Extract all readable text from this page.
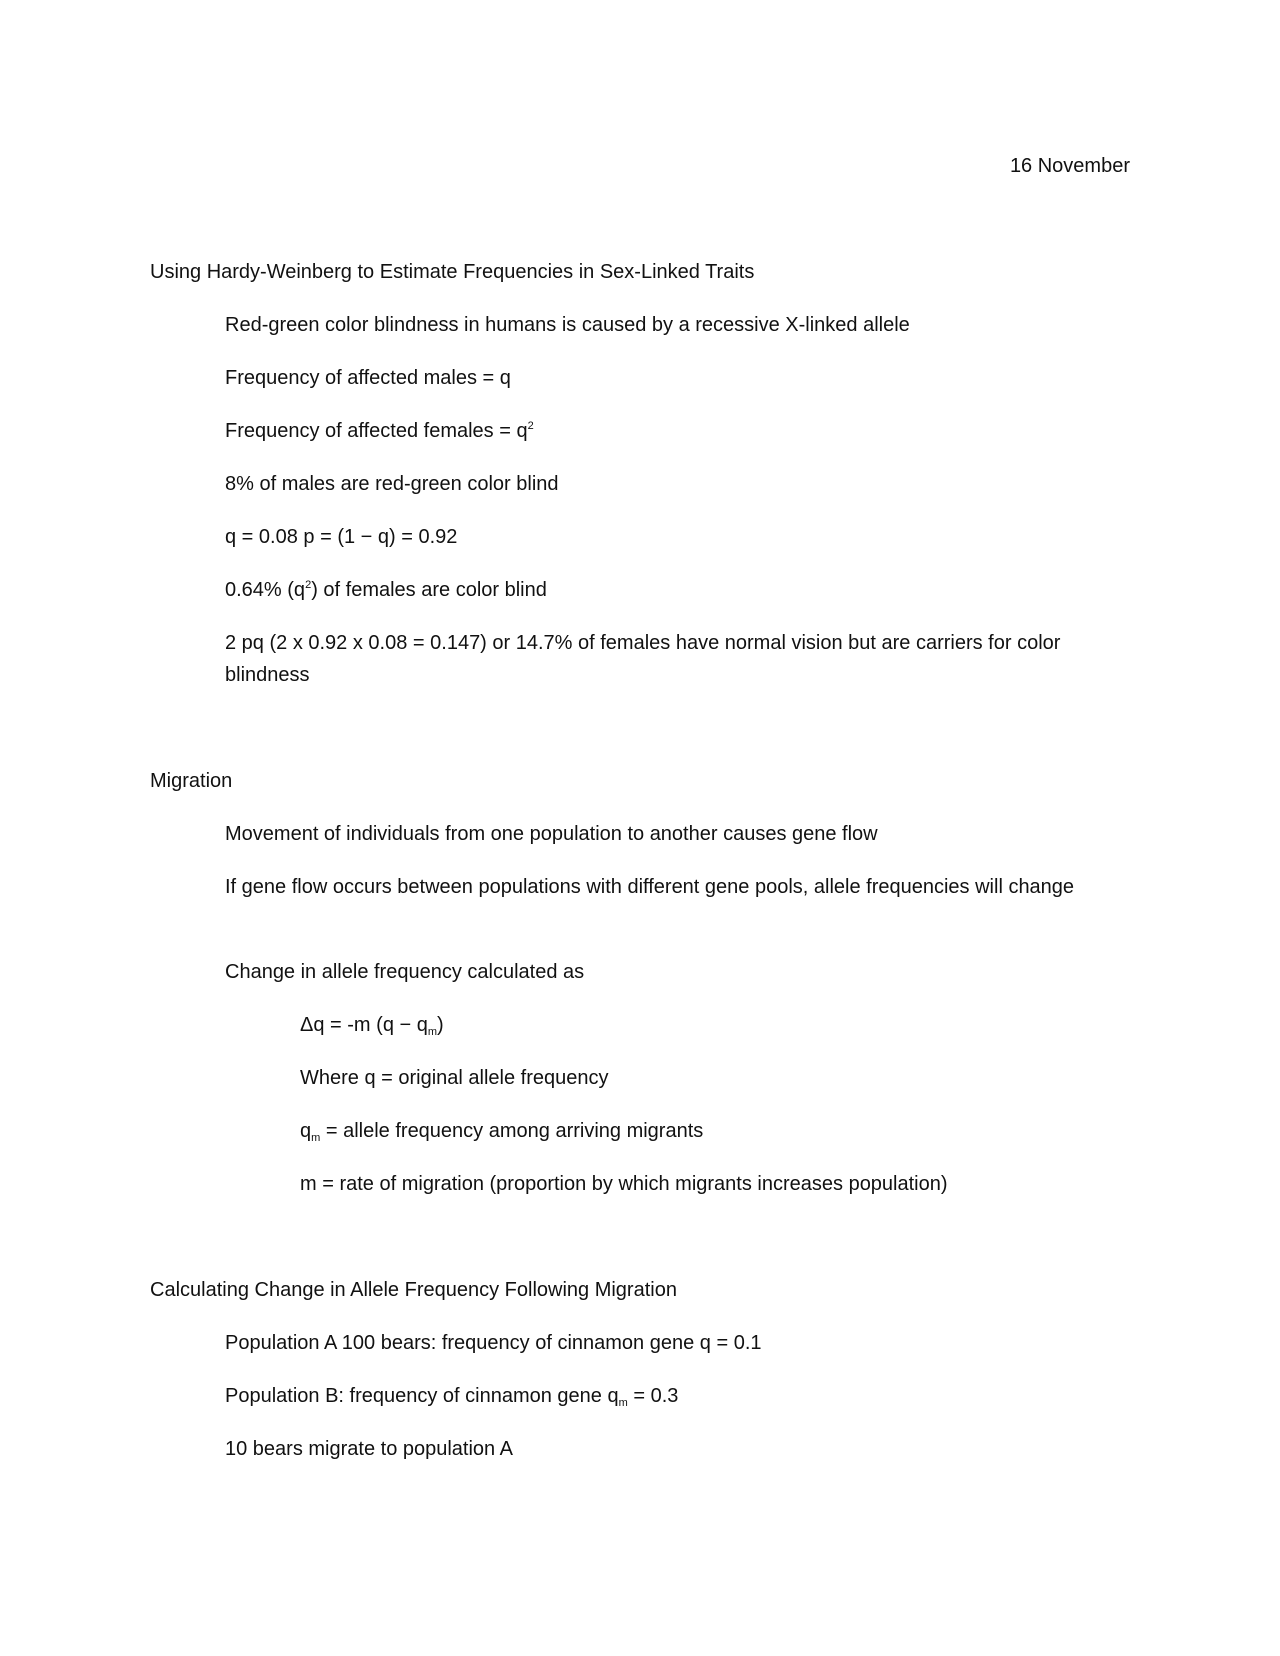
16 November

Using Hardy-Weinberg to Estimate Frequencies in Sex-Linked Traits

Red-green color blindness in humans is caused by a recessive X-linked allele

Frequency of affected males = q

Frequency of affected females = $q^2$

8% of males are red-green color blind

q = 0.08 p = (1 − q) = 0.92

0.64% $(q^2)$ of females are color blind

2 pq (2 x 0.92 x 0.08 = 0.147) or 14.7% of females have normal vision but are carriers for color blindness

Migration

Movement of individuals from one population to another causes gene flow

If gene flow occurs between populations with different gene pools, allele frequencies will change

Change in allele frequency calculated as

Δq = -m $(q - q_m)$

Where q = original allele frequency

$q_m$ = allele frequency among arriving migrants

m = rate of migration (proportion by which migrants increases population)

Calculating Change in Allele Frequency Following Migration

Population A 100 bears: frequency of cinnamon gene q = 0.1

Population B: frequency of cinnamon gene $q_m = 0.3$

10 bears migrate to population A
